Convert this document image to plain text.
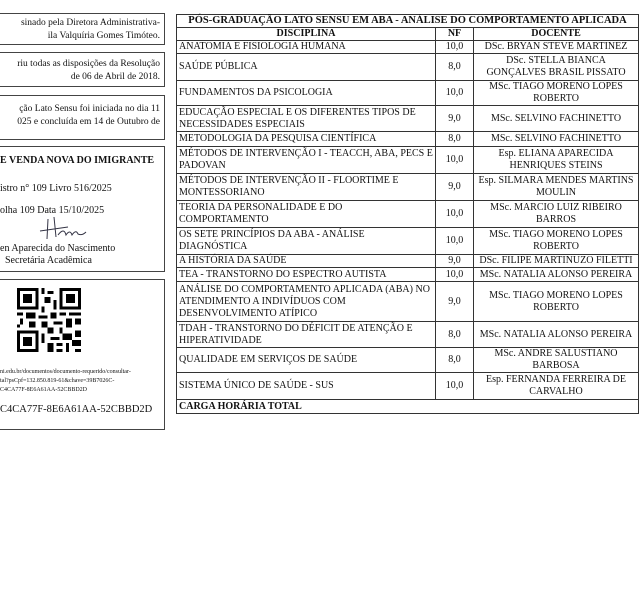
sinado pela Diretora Administrativa-
ila Valquíria Gomes Timóteo.
riu todas as disposições da Resolução
de 06 de Abril de 2018.
ção Lato Sensu foi iniciada no dia 11
025 e concluída em 14 de Outubro de
E VENDA NOVA DO IMIGRANTE
istro n° 109 Livro 516/2025
olha 109 Data 15/10/2025
en Aparecida do Nascimento
Secretária Acadêmica
ni.edu.br/documentos/documento-requerido/consultar-
tal?psCpf=132.850.819-61&chave=39B7026C-
C4CA77F-8E6A61AA-52CBBD2D
C4CA77F-8E6A61AA-52CBBD2D
PÓS-GRADUAÇÃO LATO SENSU EM ABA - ANÁLISE DO COMPORTAMENTO APLICADA		
DISCIPLINA	NF	DOCENTE
ANATOMIA E FISIOLOGIA HUMANA	10,0	DSc. BRYAN STEVE MARTINEZ
SAÚDE PÚBLICA	8,0	DSc. STELLA BIANCA GONÇALVES BRASIL PISSATO
FUNDAMENTOS DA PSICOLOGIA	10,0	MSc. TIAGO MORENO LOPES ROBERTO
EDUCAÇÃO ESPECIAL E OS DIFERENTES TIPOS DE NECESSIDADES ESPECIAIS	9,0	MSc. SELVINO FACHINETTO
METODOLOGIA DA PESQUISA CIENTÍFICA	8,0	MSc. SELVINO FACHINETTO
MÉTODOS DE INTERVENÇÃO I - TEACCH, ABA, PECS E PADOVAN	10,0	Esp. ELIANA APARECIDA HENRIQUES STEINS
MÉTODOS DE INTERVENÇÃO II - FLOORTIME E MONTESSORIANO	9,0	Esp. SILMARA MENDES MARTINS MOULIN
TEORIA DA PERSONALIDADE E DO COMPORTAMENTO	10,0	MSc. MARCIO LUIZ RIBEIRO BARROS
OS SETE PRINCÍPIOS DA ABA - ANÁLISE DIAGNÓSTICA	10,0	MSc. TIAGO MORENO LOPES ROBERTO
A HISTÓRIA DA SAÚDE	9,0	DSc. FILIPE MARTINUZO FILETTI
TEA - TRANSTORNO DO ESPECTRO AUTISTA	10,0	MSc. NATALIA ALONSO PEREIRA
ANÁLISE DO COMPORTAMENTO APLICADA (ABA) NO ATENDIMENTO A INDIVÍDUOS COM DESENVOLVIMENTO ATÍPICO	9,0	MSc. TIAGO MORENO LOPES ROBERTO
TDAH - TRANSTORNO DO DÉFICIT DE ATENÇÃO E HIPERATIVIDADE	8,0	MSc. NATALIA ALONSO PEREIRA
QUALIDADE EM SERVIÇOS DE SAÚDE	8,0	MSc. ANDRE SALUSTIANO BARBOSA
SISTEMA ÚNICO DE SAÚDE - SUS	10,0	Esp. FERNANDA FERREIRA DE CARVALHO
CARGA HORÁRIA TOTAL		
